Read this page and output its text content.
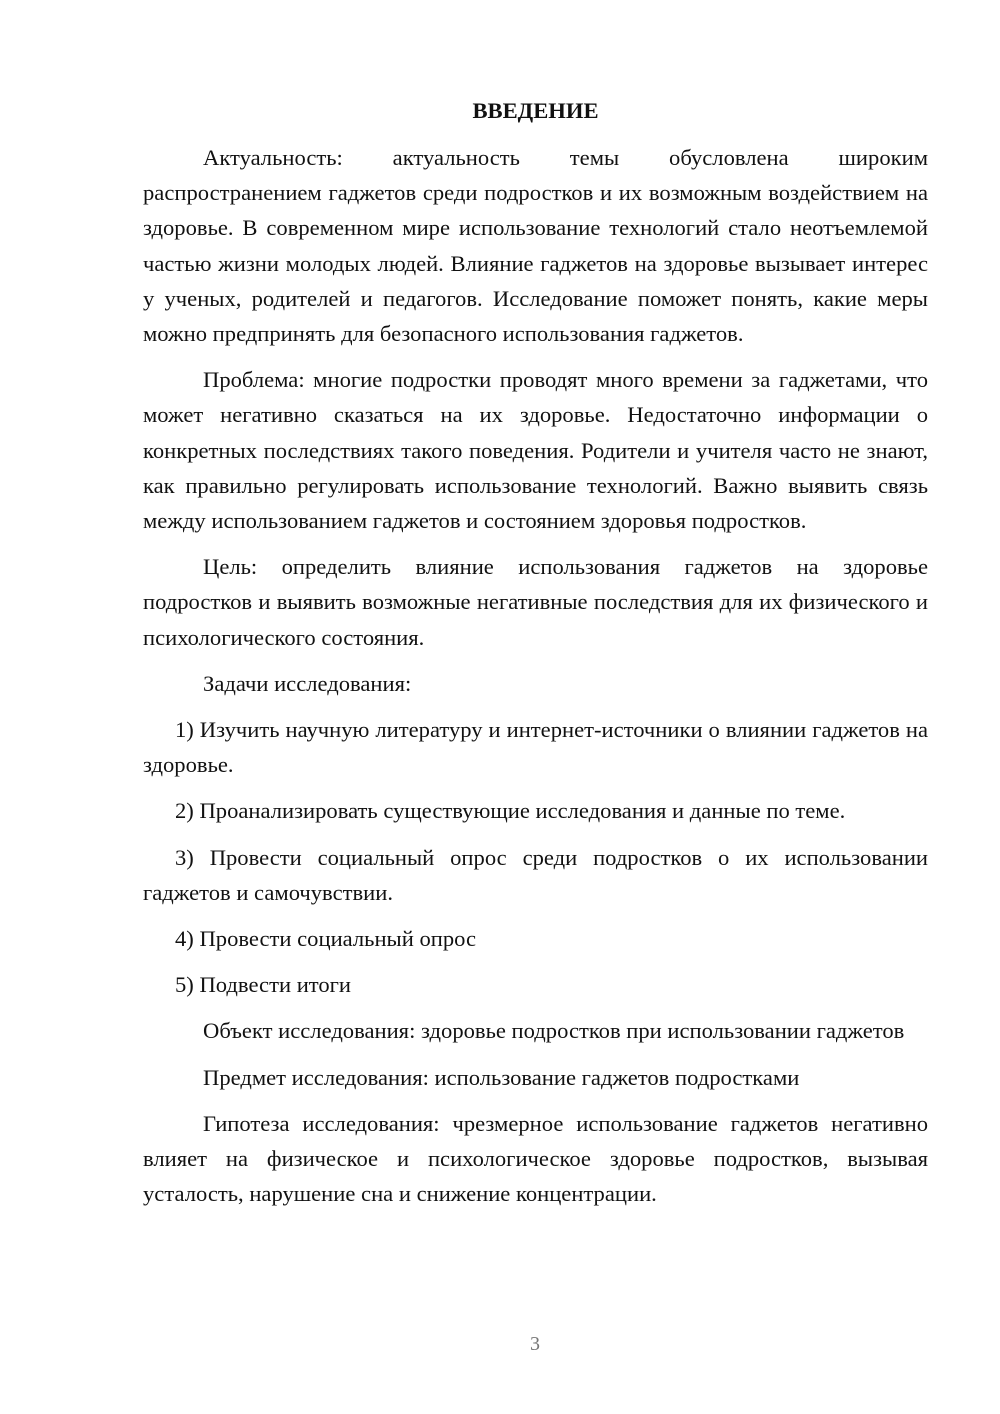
ВВЕДЕНИЕ

Актуальность: актуальность темы обусловлена широким распространением гаджетов среди подростков и их возможным воздействием на здоровье. В современном мире использование технологий стало неотъемлемой частью жизни молодых людей. Влияние гаджетов на здоровье вызывает интерес у ученых, родителей и педагогов. Исследование поможет понять, какие меры можно предпринять для безопасного использования гаджетов.

Проблема: многие подростки проводят много времени за гаджетами, что может негативно сказаться на их здоровье. Недостаточно информации о конкретных последствиях такого поведения. Родители и учителя часто не знают, как правильно регулировать использование технологий. Важно выявить связь между использованием гаджетов и состоянием здоровья подростков.

Цель: определить влияние использования гаджетов на здоровье подростков и выявить возможные негативные последствия для их физического и психологического состояния.

Задачи исследования:

1) Изучить научную литературу и интернет-источники о влиянии гаджетов на здоровье.

2) Проанализировать существующие исследования и данные по теме.

3) Провести социальный опрос среди подростков о их использовании гаджетов и самочувствии.

4) Провести социальный опрос

5) Подвести итоги

Объект исследования: здоровье подростков при использовании гаджетов

Предмет исследования: использование гаджетов подростками

Гипотеза исследования: чрезмерное использование гаджетов негативно влияет на физическое и психологическое здоровье подростков, вызывая усталость, нарушение сна и снижение концентрации.

3
